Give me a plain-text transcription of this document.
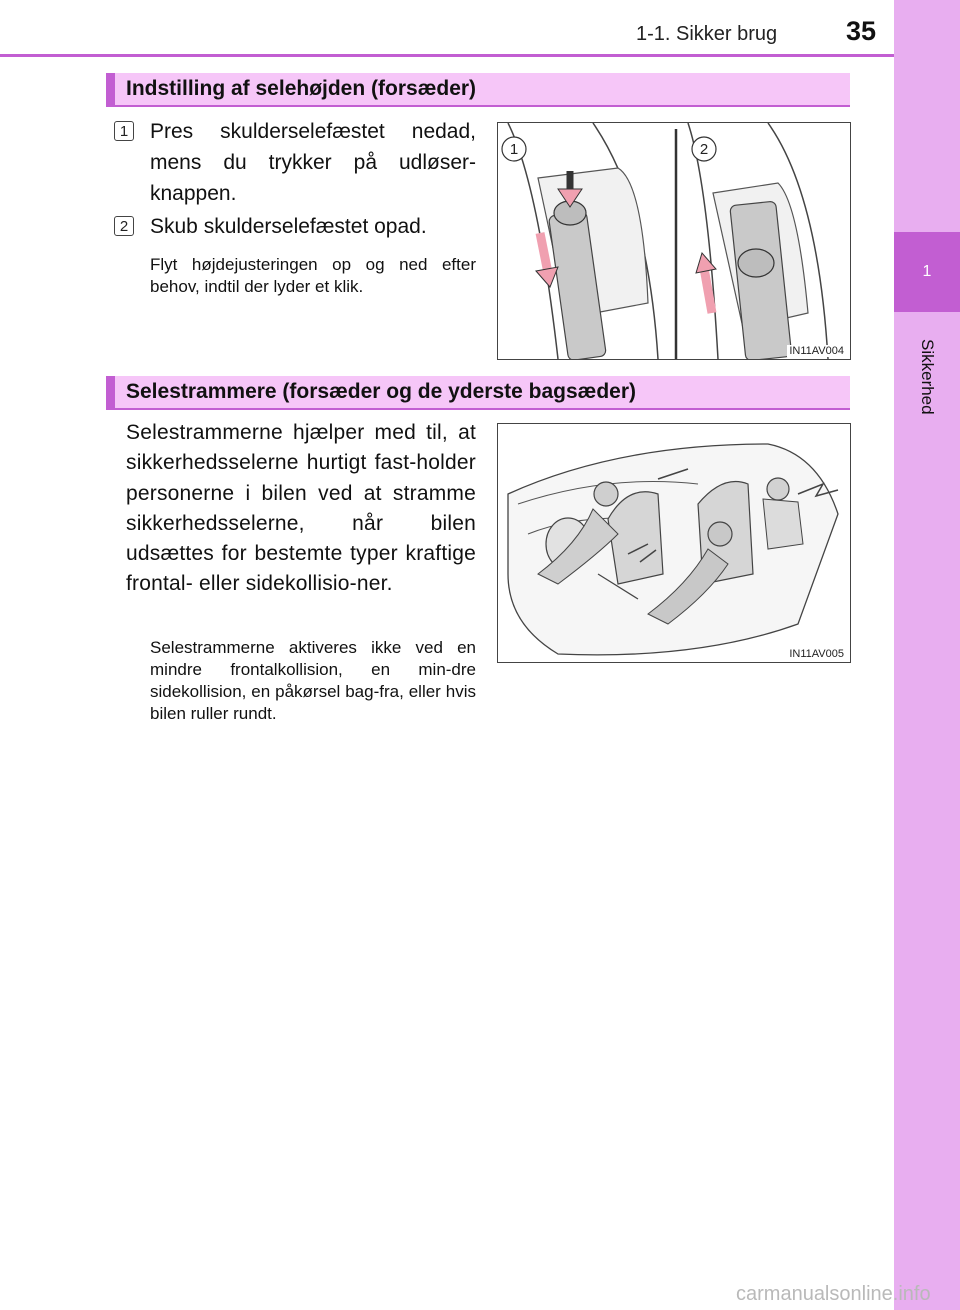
1
Sikkerhed
1-1. Sikker brug	35
Indstilling af selehøjden (forsæder)
1 Pres skulderselefæstet nedad, mens du trykker på udløser-knappen.
2 Skub skulderselefæstet opad.
Flyt højdejusteringen op og ned efter behov, indtil der lyder et klik.
1	2
IN11AV004
Selestrammere (forsæder og de yderste bagsæder)
Selestrammerne hjælper med til, at sikkerhedsselerne hurtigt fast-holder personerne i bilen ved at stramme sikkerhedsselerne, når bilen udsættes for bestemte typer kraftige frontal- eller sidekollisio-ner.
Selestrammerne aktiveres ikke ved en mindre frontalkollision, en min-dre sidekollision, en påkørsel bag-fra, eller hvis bilen ruller rundt.
IN11AV005
carmanualsonline.info
